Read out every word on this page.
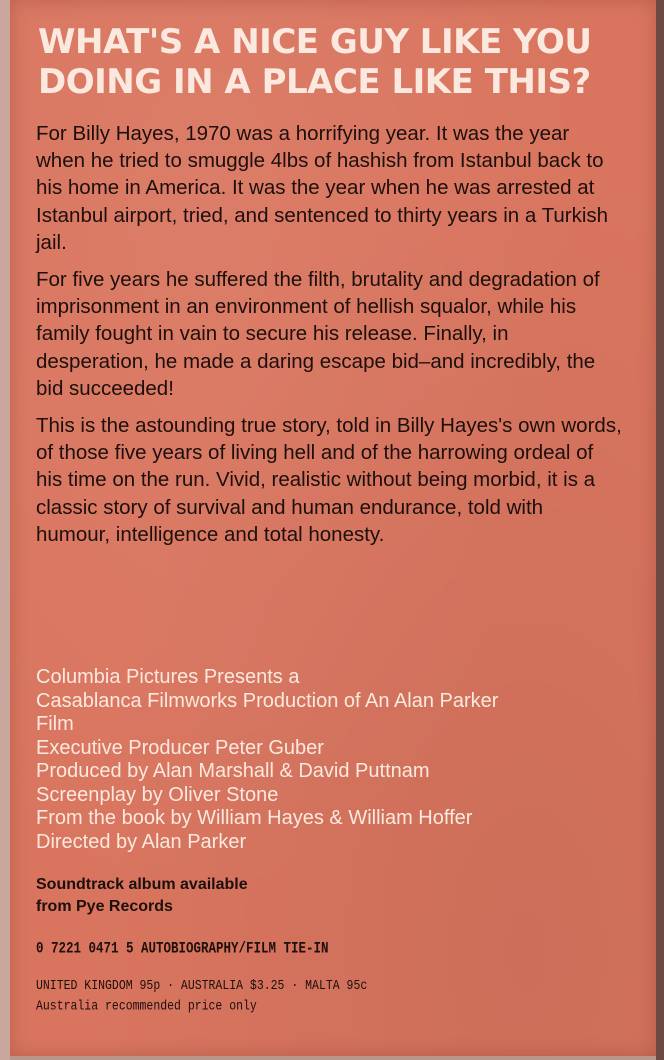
WHAT'S A NICE GUY LIKE YOU
DOING IN A PLACE LIKE THIS?

For Billy Hayes, 1970 was a horrifying year. It was the year when he tried to smuggle 4lbs of hashish from Istanbul back to his home in America. It was the year when he was arrested at Istanbul airport, tried, and sentenced to thirty years in a Turkish jail.

For five years he suffered the filth, brutality and degradation of imprisonment in an environment of hellish squalor, while his family fought in vain to secure his release. Finally, in desperation, he made a daring escape bid–and incredibly, the bid succeeded!

This is the astounding true story, told in Billy Hayes's own words, of those five years of living hell and of the harrowing ordeal of his time on the run. Vivid, realistic without being morbid, it is a classic story of survival and human endurance, told with humour, intelligence and total honesty.

Columbia Pictures Presents a
Casablanca Filmworks Production of An Alan Parker
Film
Executive Producer Peter Guber
Produced by Alan Marshall & David Puttnam
Screenplay by Oliver Stone
From the book by William Hayes & William Hoffer
Directed by Alan Parker
Soundtrack album available
from Pye Records
0 7221 0471 5 AUTOBIOGRAPHY/FILM TIE-IN
UNITED KINGDOM 95p · AUSTRALIA $3.25 · MALTA 95c
Australia recommended price only
